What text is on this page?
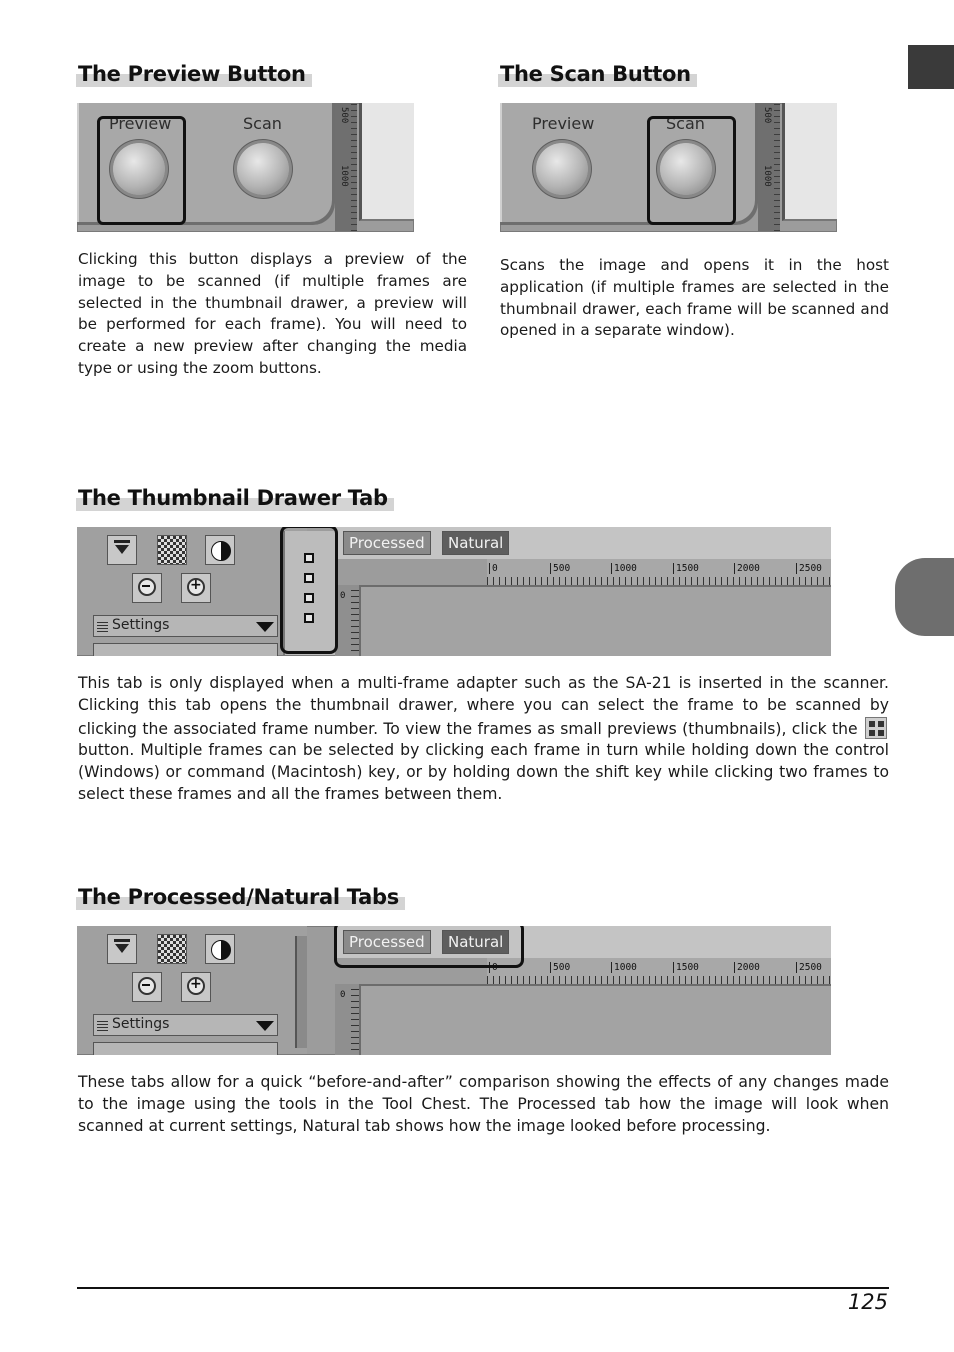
The Preview Button
Preview	Scan	500
1000

Clicking this button displays a preview of the image to be scanned (if multiple frames are selected in the thumbnail drawer, a preview will be performed for each frame). You will need to create a new preview after changing the media type or using the zoom buttons.

The Scan Button
Preview	Scan	500
1000

Scans the image and opens it in the host application (if multiple frames are selected in the thumbnail drawer, each frame will be scanned and opened in a separate window).

The Thumbnail Drawer Tab
+
Settings
Processed	Natural
0	500	1000	1500	2000	2500
0

This tab is only displayed when a multi-frame adapter such as the SA-21 is inserted in the scanner. Clicking this tab opens the thumbnail drawer, where you can select the frame to be scanned by clicking the associated frame number. To view the frames as small previews (thumbnails), click the
button. Multiple frames can be selected by clicking each frame in turn while holding down the control (Windows) or command (Macintosh) key, or by holding down the shift key while clicking two frames to select these frames and all the frames between them.

The Processed/Natural Tabs
+
Settings
Processed	Natural
0	500	1000	1500	2000	2500
0

These tabs allow for a quick “before-and-after” comparison showing the effects of any changes made to the image using the tools in the Tool Chest. The Processed tab how the image will look when scanned at current settings, Natural tab shows how the image looked before processing.

125
